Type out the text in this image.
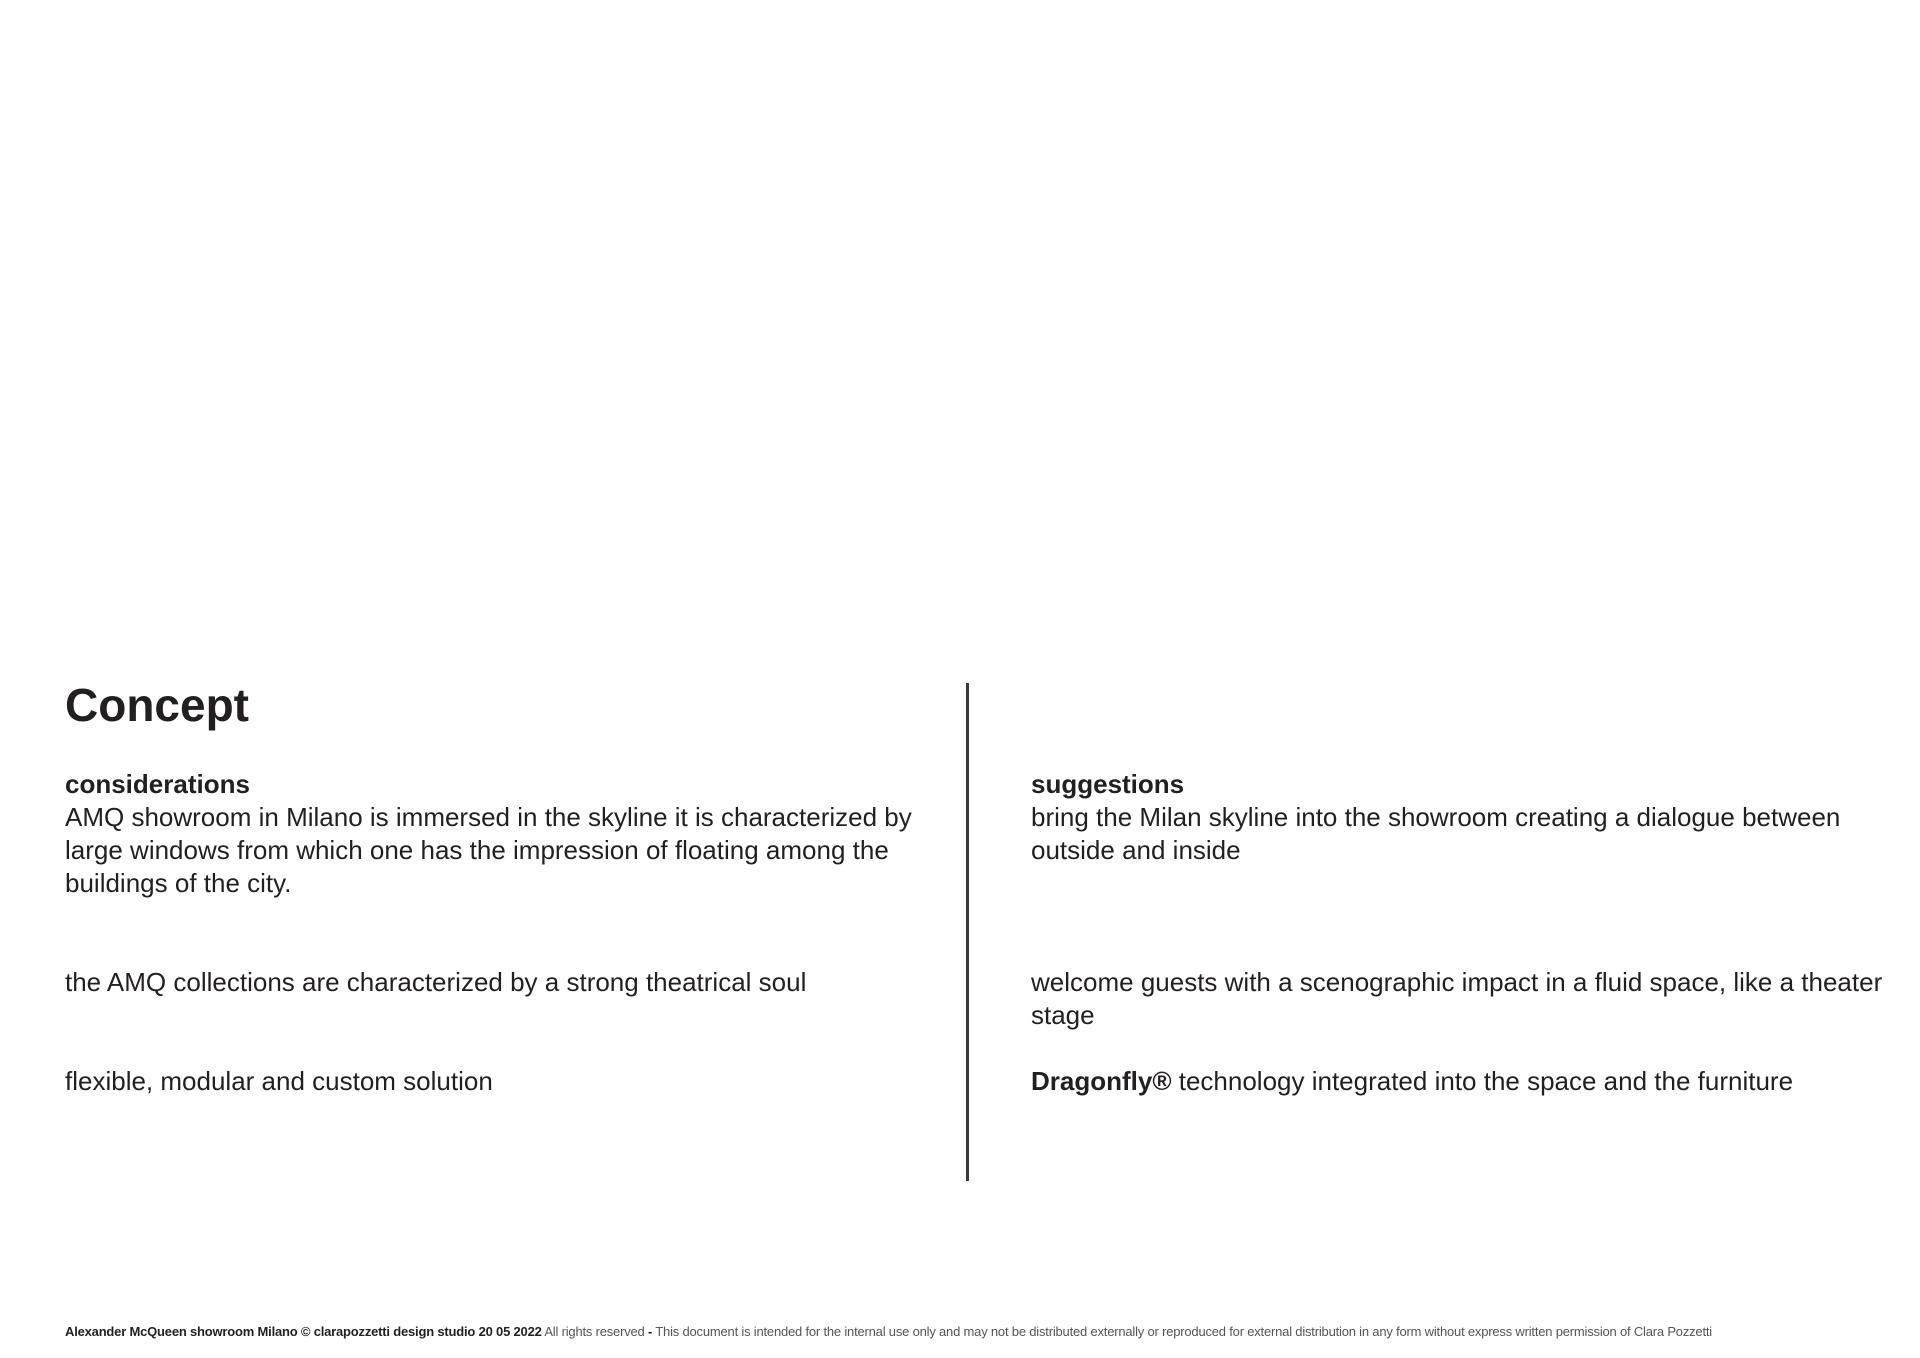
Concept

considerations

AMQ showroom in Milano is immersed in the skyline it is characterized by large windows from which one has the impression of floating among the buildings of the city.

the AMQ collections are characterized by a strong theatrical soul

flexible, modular and custom solution

suggestions

bring the Milan skyline into the showroom creating a dialogue between outside and inside

welcome guests with a scenographic impact in a fluid space, like a theater stage

Dragonfly® technology integrated into the space and the furniture

Alexander McQueen showroom Milano © clarapozzetti design studio 20 05 2022 All rights reserved - This document is intended for the internal use only and may not be distributed externally or reproduced for external distribution in any form without express written permission of Clara Pozzetti
